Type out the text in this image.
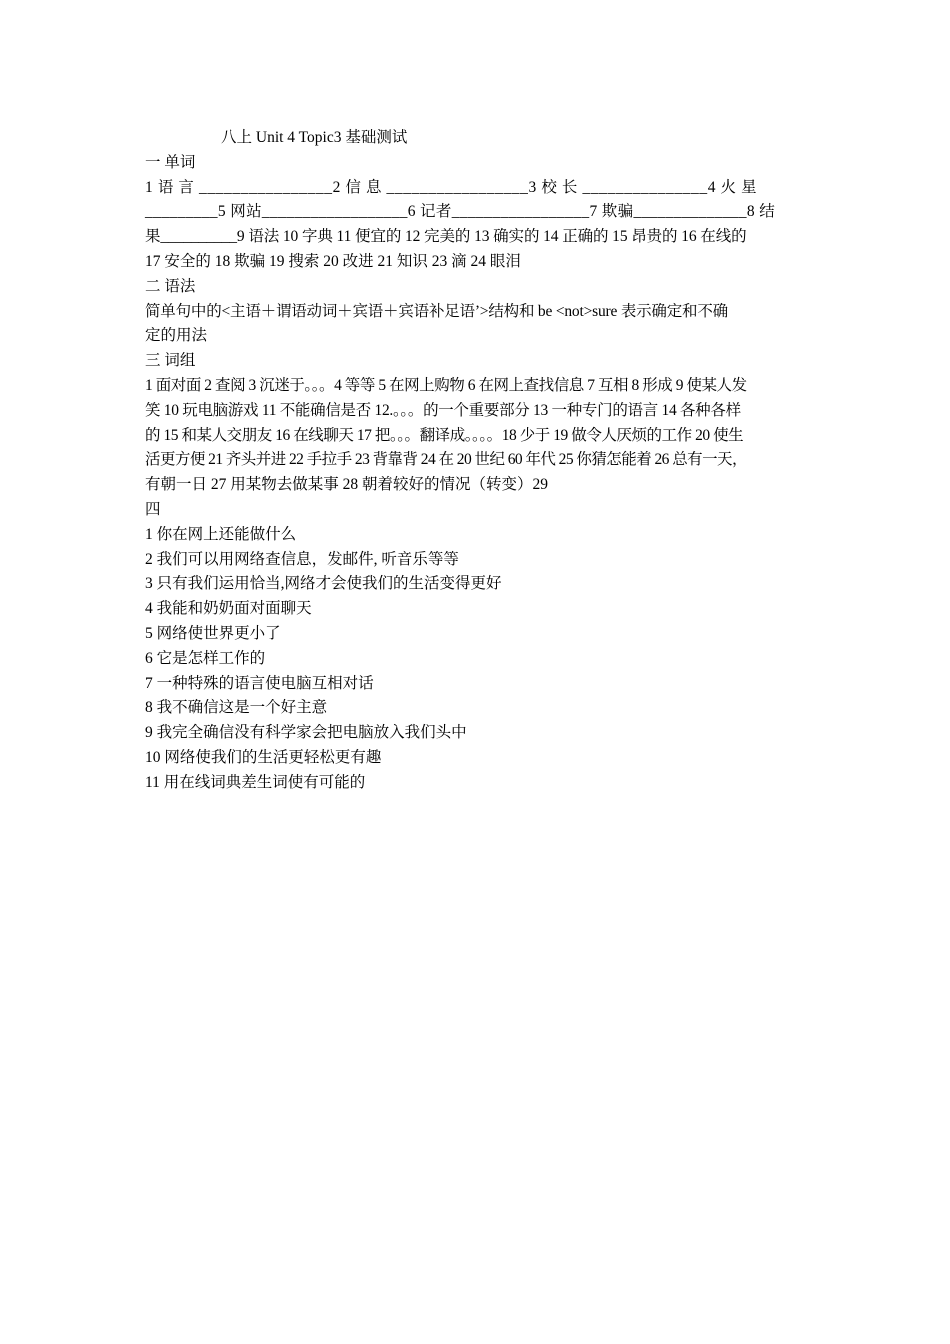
八上 Unit 4 Topic3 基础测试

一 单词

1 语 言 ________________2 信 息 _________________3 校 长 _______________4 火 星

_________5 网站__________________6 记者_________________7 欺骗______________8 结

果__________9 语法 10 字典 11 便宜的 12 完美的 13 确实的 14 正确的 15 昂贵的 16 在线的

17 安全的 18 欺骗 19 搜索 20 改进 21 知识 23 滴 24 眼泪

二 语法

简单句中的<主语＋谓语动词＋宾语＋宾语补足语’>结构和 be <not>sure 表示确定和不确

定的用法

三 词组

1 面对面 2 查阅 3 沉迷于。。。4 等等 5 在网上购物 6 在网上查找信息 7 互相 8 形成 9 使某人发

笑 10 玩电脑游戏 11 不能确信是否 12.。。。的一个重要部分 13 一种专门的语言 14 各种各样

的 15 和某人交朋友 16 在线聊天 17 把。。。翻译成。。。。18 少于 19 做令人厌烦的工作 20 使生

活更方便 21 齐头并进 22 手拉手 23 背靠背 24 在 20 世纪 60 年代 25 你猜怎能着 26 总有一天，

有朝一日 27 用某物去做某事 28 朝着较好的情况（转变）29

四

1 你在网上还能做什么

2 我们可以用网络查信息，发邮件, 听音乐等等

3 只有我们运用恰当,网络才会使我们的生活变得更好

4 我能和奶奶面对面聊天

5 网络使世界更小了

6 它是怎样工作的

7 一种特殊的语言使电脑互相对话

8 我不确信这是一个好主意

9 我完全确信没有科学家会把电脑放入我们头中

10 网络使我们的生活更轻松更有趣

11 用在线词典差生词使有可能的
